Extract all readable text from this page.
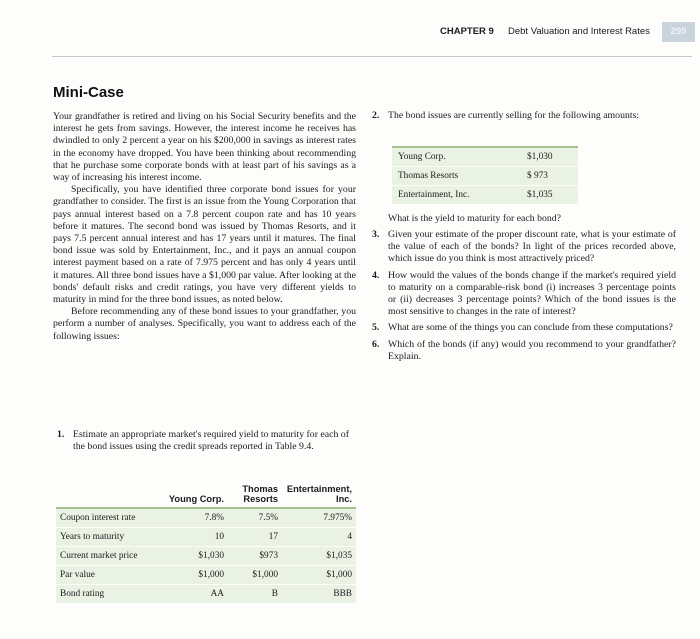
CHAPTER 9 Debt Valuation and Interest Rates	299
Mini-Case

Your grandfather is retired and living on his Social Security benefits and the interest he gets from savings. However, the interest income he receives has dwindled to only 2 percent a year on his $200,000 in savings as interest rates in the economy have dropped. You have been thinking about recommending that he purchase some corporate bonds with at least part of his savings as a way of increasing his interest income.

Specifically, you have identified three corporate bond issues for your grandfather to consider. The first is an issue from the Young Corporation that pays annual interest based on a 7.8 percent coupon rate and has 10 years before it matures. The second bond was issued by Thomas Resorts, and it pays 7.5 percent annual interest and has 17 years until it matures. The final bond issue was sold by Entertainment, Inc., and it pays an annual coupon interest payment based on a rate of 7.975 percent and has only 4 years until it matures. All three bond issues have a $1,000 par value. After looking at the bonds' default risks and credit ratings, you have very different yields to maturity in mind for the three bond issues, as noted below.

Before recommending any of these bond issues to your grandfather, you perform a number of analyses. Specifically, you want to address each of the following issues:

1. Estimate an appropriate market's required yield to maturity for each of the bond issues using the credit spreads reported in Table 9.4.
	Young Corp.	Thomas Resorts	Entertainment, Inc.
Coupon interest rate	7.8%	7.5%	7.975%
Years to maturity	10	17	4
Current market price	$1,030	$973	$1,035
Par value	$1,000	$1,000	$1,000
Bond rating	AA	B	BBB
2. The bond issues are currently selling for the following amounts:
Young Corp.	$1,030
Thomas Resorts	$ 973
Entertainment, Inc.	$1,035
What is the yield to maturity for each bond?
3. Given your estimate of the proper discount rate, what is your estimate of the value of each of the bonds? In light of the prices recorded above, which issue do you think is most attractively priced?
4. How would the values of the bonds change if the market's required yield to maturity on a comparable-risk bond (i) increases 3 percentage points or (ii) decreases 3 percentage points? Which of the bond issues is the most sensitive to changes in the rate of interest?
5. What are some of the things you can conclude from these computations?
6. Which of the bonds (if any) would you recommend to your grandfather? Explain.
